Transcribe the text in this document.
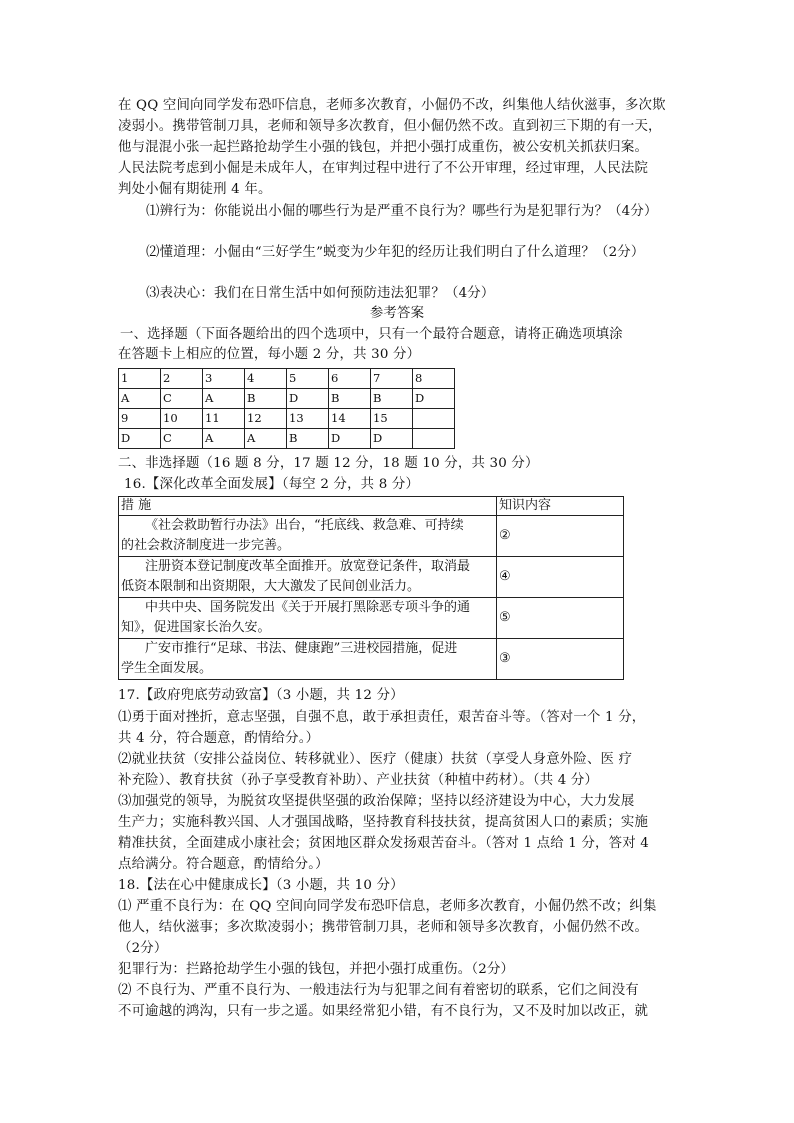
在 QQ 空间向同学发布恐吓信息，老师多次教育，小倔仍不改，纠集他人结伙滋事，多次欺
凌弱小。携带管制刀具，老师和领导多次教育，但小倔仍然不改。直到初三下期的有一天，
他与混混小张一起拦路抢劫学生小强的钱包，并把小强打成重伤，被公安机关抓获归案。
人民法院考虑到小倔是未成年人，在审判过程中进行了不公开审理，经过审理，人民法院
判处小倔有期徒刑 4 年。
⑴辨行为：你能说出小倔的哪些行为是严重不良行为？哪些行为是犯罪行为？（4分）
⑵懂道理：小倔由“三好学生”蜕变为少年犯的经历让我们明白了什么道理？（2分）
⑶表决心：我们在日常生活中如何预防违法犯罪？（4分）
参考答案
一、选择题（下面各题给出的四个选项中，只有一个最符合题意，请将正确选项填涂
在答题卡上相应的位置，每小题 2 分，共 30 分）
1	2	3	4	5	6	7	8
A	C	A	B	D	B	B	D
9	10	11	12	13	14	15	
D	C	A	A	B	D	D	
二、非选择题（16 题 8 分，17 题 12 分，18 题 10 分，共 30 分）
16.【深化改革全面发展】（每空 2 分，共 8 分）
措 施	知识内容

《社会救助暂行办法》出台，“托底线、救急难、可持续
的社会救济制度进一步完善。	②

注册资本登记制度改革全面推开。放宽登记条件，取消最
低资本限制和出资期限，大大激发了民间创业活力。	④

中共中央、国务院发出《关于开展打黑除恶专项斗争的通
知》，促进国家长治久安。	⑤

广安市推行“足球、书法、健康跑”三进校园措施，促进
学生全面发展。	③
17.【政府兜底劳动致富】（3 小题，共 12 分）
⑴勇于面对挫折，意志坚强，自强不息，敢于承担责任，艰苦奋斗等。（答对一个 1 分，
共 4 分，符合题意，酌情给分。）
⑵就业扶贫（安排公益岗位、转移就业）、医疗（健康）扶贫（享受人身意外险、医 疗
补充险）、教育扶贫（孙子享受教育补助）、产业扶贫（种植中药材）。（共 4 分）
⑶加强党的领导，为脱贫攻坚提供坚强的政治保障；坚持以经济建设为中心，大力发展
生产力；实施科教兴国、人才强国战略，坚持教育科技扶贫，提高贫困人口的素质；实施
精准扶贫，全面建成小康社会；贫困地区群众发扬艰苦奋斗。（答对 1 点给 1 分，答对 4
点给满分。符合题意，酌情给分。）
18.【法在心中健康成长】（3 小题，共 10 分）
⑴ 严重不良行为：在 QQ 空间向同学发布恐吓信息，老师多次教育，小倔仍然不改；纠集
他人，结伙滋事；多次欺凌弱小；携带管制刀具，老师和领导多次教育，小倔仍然不改。
（2分）
犯罪行为：拦路抢劫学生小强的钱包，并把小强打成重伤。（2分）
⑵ 不良行为、严重不良行为、一般违法行为与犯罪之间有着密切的联系，它们之间没有
不可逾越的鸿沟，只有一步之遥。如果经常犯小错，有不良行为，又不及时加以改正，就
